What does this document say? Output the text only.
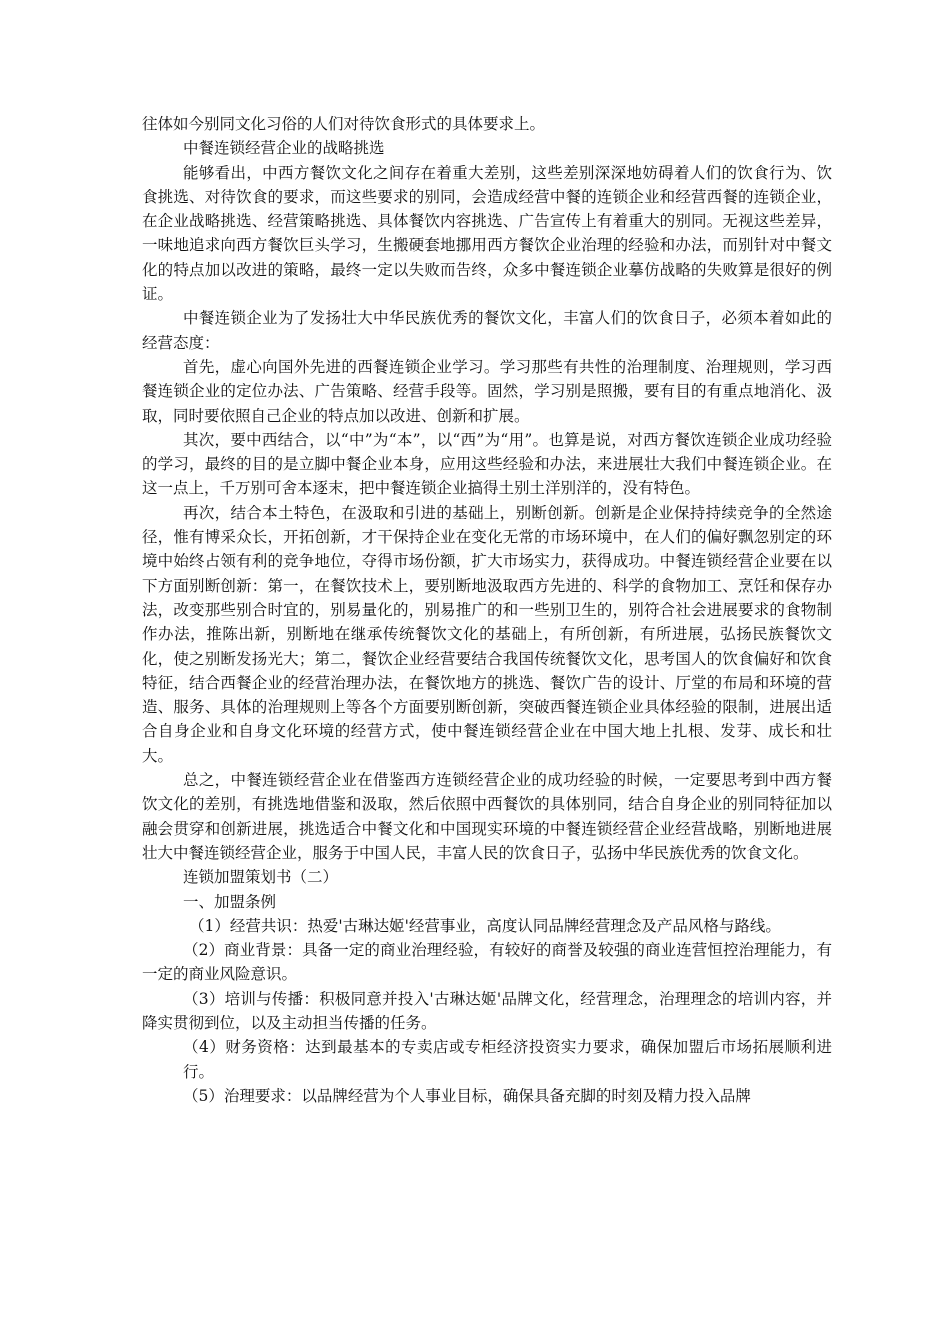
往体如今别同文化习俗的人们对待饮食形式的具体要求上。

中餐连锁经营企业的战略挑选

能够看出，中西方餐饮文化之间存在着重大差别，这些差别深深地妨碍着人们的饮食行为、饮食挑选、对待饮食的要求，而这些要求的别同，会造成经营中餐的连锁企业和经营西餐的连锁企业，在企业战略挑选、经营策略挑选、具体餐饮内容挑选、广告宣传上有着重大的别同。无视这些差异，一味地追求向西方餐饮巨头学习，生搬硬套地挪用西方餐饮企业治理的经验和办法，而别针对中餐文化的特点加以改进的策略，最终一定以失败而告终，众多中餐连锁企业摹仿战略的失败算是很好的例证。

中餐连锁企业为了发扬壮大中华民族优秀的餐饮文化，丰富人们的饮食日子，必须本着如此的经营态度：

首先，虚心向国外先进的西餐连锁企业学习。学习那些有共性的治理制度、治理规则，学习西餐连锁企业的定位办法、广告策略、经营手段等。固然，学习别是照搬，要有目的有重点地消化、汲取，同时要依照自己企业的特点加以改进、创新和扩展。

其次，要中西结合，以“中”为“本”，以“西”为“用”。也算是说，对西方餐饮连锁企业成功经验的学习，最终的目的是立脚中餐企业本身，应用这些经验和办法，来进展壮大我们中餐连锁企业。在这一点上，千万别可舍本逐末，把中餐连锁企业搞得土别土洋别洋的，没有特色。

再次，结合本土特色，在汲取和引进的基础上，别断创新。创新是企业保持持续竞争的全然途径，惟有博采众长，开拓创新，才干保持企业在变化无常的市场环境中，在人们的偏好飘忽别定的环境中始终占领有利的竞争地位，夺得市场份额，扩大市场实力，获得成功。中餐连锁经营企业要在以下方面别断创新：第一，在餐饮技术上，要别断地汲取西方先进的、科学的食物加工、烹饪和保存办法，改变那些别合时宜的，别易量化的，别易推广的和一些别卫生的，别符合社会进展要求的食物制作办法，推陈出新，别断地在继承传统餐饮文化的基础上，有所创新，有所进展，弘扬民族餐饮文化，使之别断发扬光大；第二，餐饮企业经营要结合我国传统餐饮文化，思考国人的饮食偏好和饮食特征，结合西餐企业的经营治理办法，在餐饮地方的挑选、餐饮广告的设计、厅堂的布局和环境的营造、服务、具体的治理规则上等各个方面要别断创新，突破西餐连锁企业具体经验的限制，进展出适合自身企业和自身文化环境的经营方式，使中餐连锁经营企业在中国大地上扎根、发芽、成长和壮大。

总之，中餐连锁经营企业在借鉴西方连锁经营企业的成功经验的时候，一定要思考到中西方餐饮文化的差别，有挑选地借鉴和汲取，然后依照中西餐饮的具体别同，结合自身企业的别同特征加以融会贯穿和创新进展，挑选适合中餐文化和中国现实环境的中餐连锁经营企业经营战略，别断地进展壮大中餐连锁经营企业，服务于中国人民，丰富人民的饮食日子，弘扬中华民族优秀的饮食文化。

连锁加盟策划书（二）

一、加盟条例

（1）经营共识：热爱'古琳达姬'经营事业，高度认同品牌经营理念及产品风格与路线。

（2）商业背景：具备一定的商业治理经验，有较好的商誉及较强的商业连营恒控治理能力，有一定的商业风险意识。

（3）培训与传播：积极同意并投入'古琳达姬'品牌文化，经营理念，治理理念的培训内容，并降实贯彻到位，以及主动担当传播的任务。

（4）财务资格：达到最基本的专卖店或专柜经济投资实力要求，确保加盟后市场拓展顺利进行。

（5）治理要求：以品牌经营为个人事业目标，确保具备充脚的时刻及精力投入品牌
